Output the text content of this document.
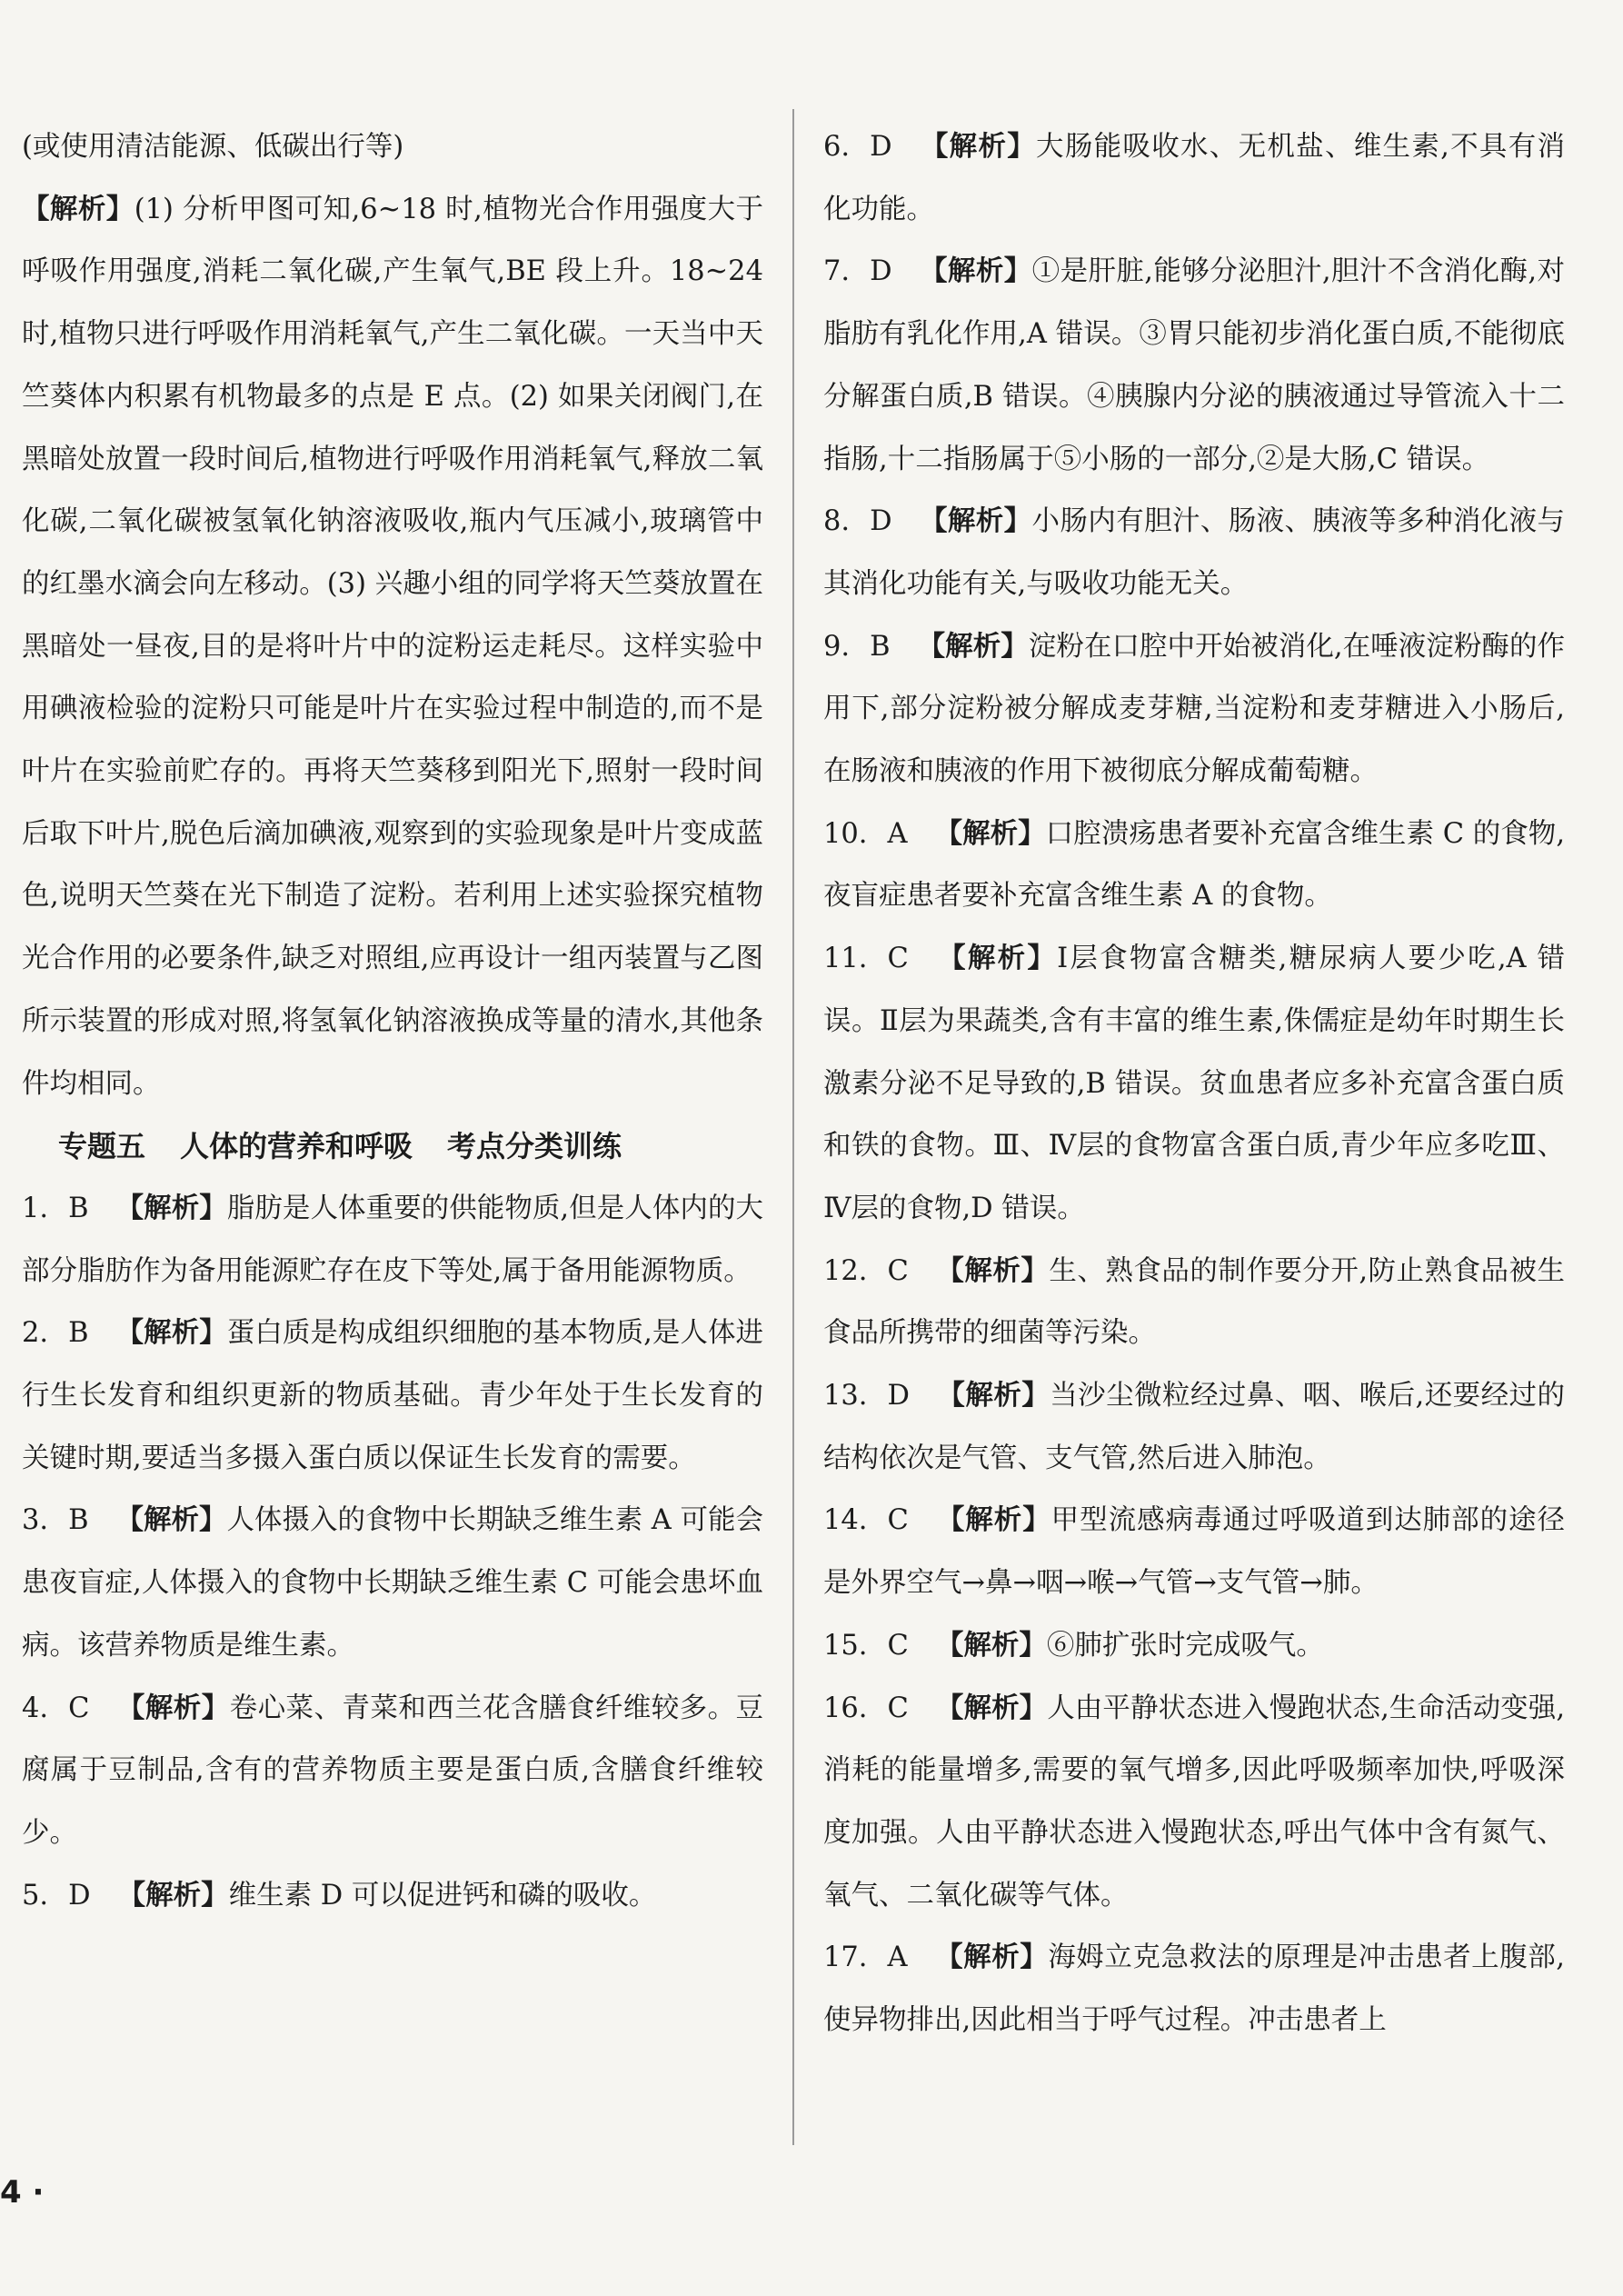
(或使用清洁能源、低碳出行等)

【解析】(1) 分析甲图可知,6~18 时,植物光合作用强度大于呼吸作用强度,消耗二氧化碳,产生氧气,BE 段上升。18~24 时,植物只进行呼吸作用消耗氧气,产生二氧化碳。一天当中天竺葵体内积累有机物最多的点是 E 点。(2) 如果关闭阀门,在黑暗处放置一段时间后,植物进行呼吸作用消耗氧气,释放二氧化碳,二氧化碳被氢氧化钠溶液吸收,瓶内气压减小,玻璃管中的红墨水滴会向左移动。(3) 兴趣小组的同学将天竺葵放置在黑暗处一昼夜,目的是将叶片中的淀粉运走耗尽。这样实验中用碘液检验的淀粉只可能是叶片在实验过程中制造的,而不是叶片在实验前贮存的。再将天竺葵移到阳光下,照射一段时间后取下叶片,脱色后滴加碘液,观察到的实验现象是叶片变成蓝色,说明天竺葵在光下制造了淀粉。若利用上述实验探究植物光合作用的必要条件,缺乏对照组,应再设计一组丙装置与乙图所示装置的形成对照,将氢氧化钠溶液换成等量的清水,其他条件均相同。

专题五 人体的营养和呼吸 考点分类训练

1. B 【解析】脂肪是人体重要的供能物质,但是人体内的大部分脂肪作为备用能源贮存在皮下等处,属于备用能源物质。

2. B 【解析】蛋白质是构成组织细胞的基本物质,是人体进行生长发育和组织更新的物质基础。青少年处于生长发育的关键时期,要适当多摄入蛋白质以保证生长发育的需要。

3. B 【解析】人体摄入的食物中长期缺乏维生素 A 可能会患夜盲症,人体摄入的食物中长期缺乏维生素 C 可能会患坏血病。该营养物质是维生素。

4. C 【解析】卷心菜、青菜和西兰花含膳食纤维较多。豆腐属于豆制品,含有的营养物质主要是蛋白质,含膳食纤维较少。

5. D 【解析】维生素 D 可以促进钙和磷的吸收。

6. D 【解析】大肠能吸收水、无机盐、维生素,不具有消化功能。

7. D 【解析】①是肝脏,能够分泌胆汁,胆汁不含消化酶,对脂肪有乳化作用,A 错误。③胃只能初步消化蛋白质,不能彻底分解蛋白质,B 错误。④胰腺内分泌的胰液通过导管流入十二指肠,十二指肠属于⑤小肠的一部分,②是大肠,C 错误。

8. D 【解析】小肠内有胆汁、肠液、胰液等多种消化液与其消化功能有关,与吸收功能无关。

9. B 【解析】淀粉在口腔中开始被消化,在唾液淀粉酶的作用下,部分淀粉被分解成麦芽糖,当淀粉和麦芽糖进入小肠后,在肠液和胰液的作用下被彻底分解成葡萄糖。

10. A 【解析】口腔溃疡患者要补充富含维生素 C 的食物,夜盲症患者要补充富含维生素 A 的食物。

11. C 【解析】Ⅰ层食物富含糖类,糖尿病人要少吃,A 错误。Ⅱ层为果蔬类,含有丰富的维生素,侏儒症是幼年时期生长激素分泌不足导致的,B 错误。贫血患者应多补充富含蛋白质和铁的食物。Ⅲ、Ⅳ层的食物富含蛋白质,青少年应多吃Ⅲ、Ⅳ层的食物,D 错误。

12. C 【解析】生、熟食品的制作要分开,防止熟食品被生食品所携带的细菌等污染。

13. D 【解析】当沙尘微粒经过鼻、咽、喉后,还要经过的结构依次是气管、支气管,然后进入肺泡。

14. C 【解析】甲型流感病毒通过呼吸道到达肺部的途径是外界空气→鼻→咽→喉→气管→支气管→肺。

15. C 【解析】⑥肺扩张时完成吸气。

16. C 【解析】人由平静状态进入慢跑状态,生命活动变强,消耗的能量增多,需要的氧气增多,因此呼吸频率加快,呼吸深度加强。人由平静状态进入慢跑状态,呼出气体中含有氮气、氧气、二氧化碳等气体。

17. A 【解析】海姆立克急救法的原理是冲击患者上腹部,使异物排出,因此相当于呼气过程。冲击患者上

4 ·
